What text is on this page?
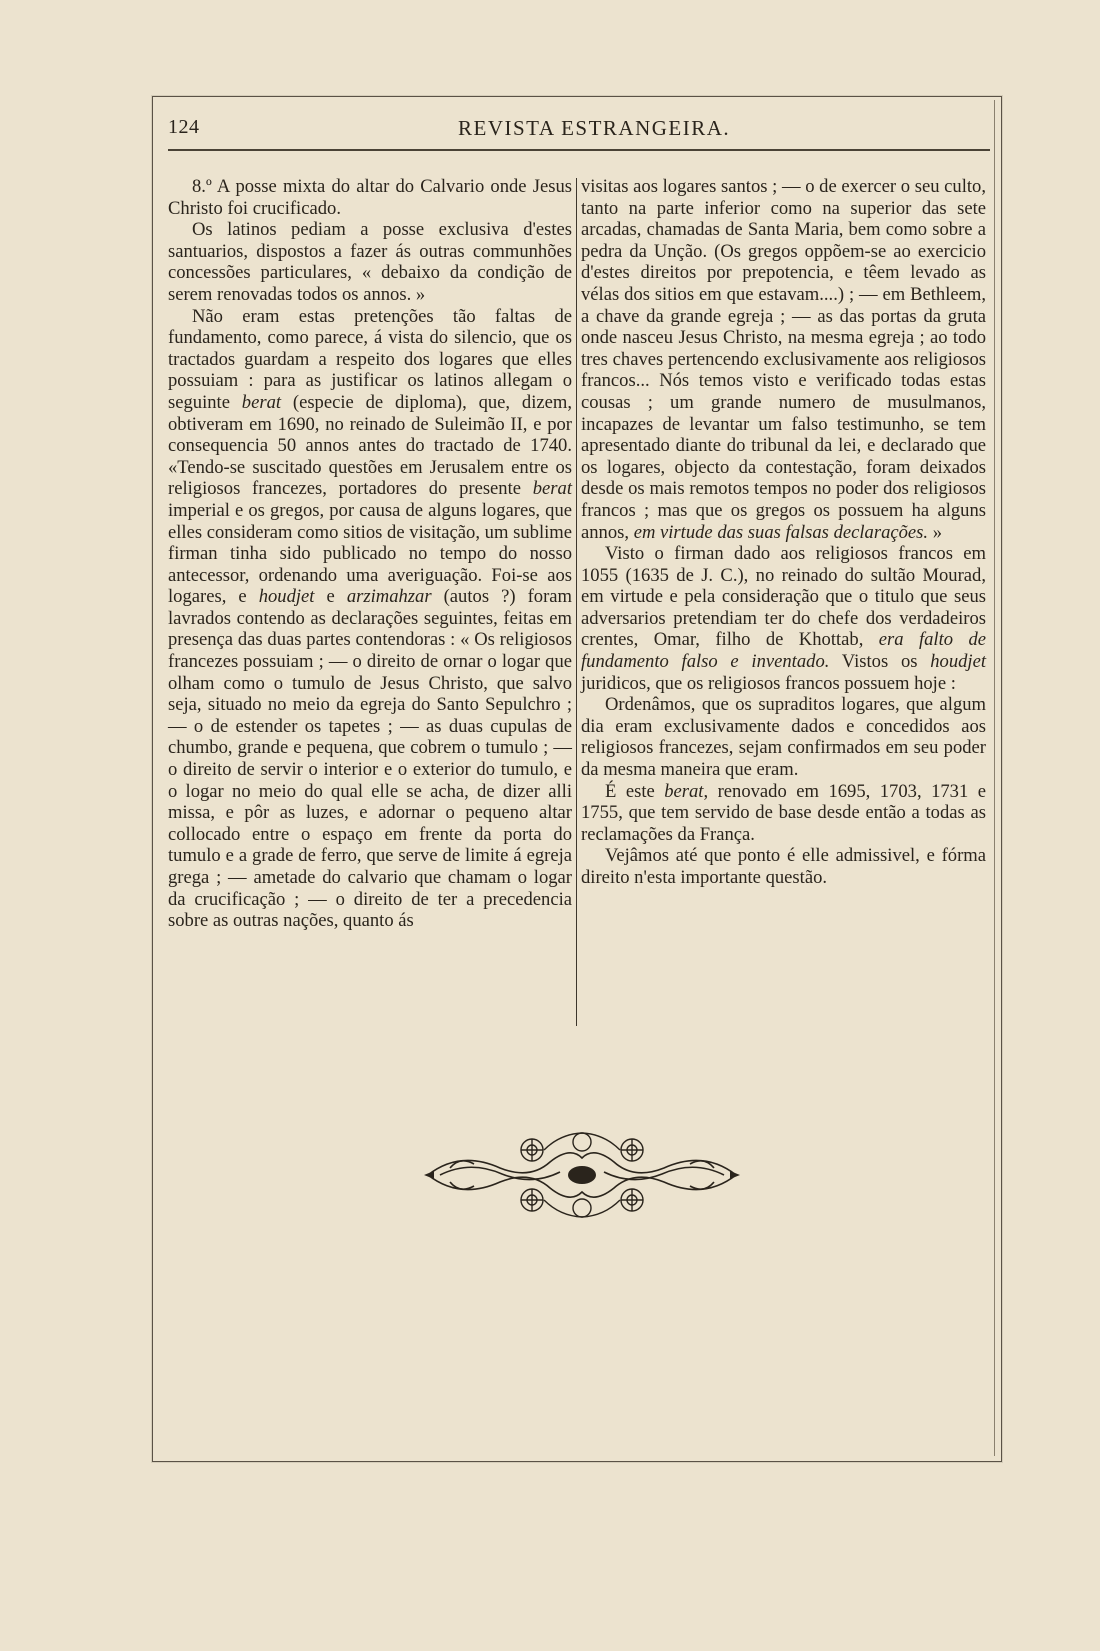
124	REVISTA ESTRANGEIRA.

8.º A posse mixta do altar do Calvario onde Jesus Christo foi crucificado.

Os latinos pediam a posse exclusiva d'estes santuarios, dispostos a fazer ás outras communhões concessões particulares, « debaixo da condição de serem renovadas todos os annos. »

Não eram estas pretenções tão faltas de fundamento, como parece, á vista do silencio, que os tractados guardam a respeito dos logares que elles possuiam : para as justificar os latinos allegam o seguinte berat (especie de diploma), que, dizem, obtiveram em 1690, no reinado de Suleimão II, e por consequencia 50 annos antes do tractado de 1740. «Tendo-se suscitado questões em Jerusalem entre os religiosos francezes, portadores do presente berat imperial e os gregos, por causa de alguns logares, que elles consideram como sitios de visitação, um sublime firman tinha sido publicado no tempo do nosso antecessor, ordenando uma averiguação. Foi-se aos logares, e houdjet e arzimahzar (autos ?) foram lavrados contendo as declarações seguintes, feitas em presença das duas partes contendoras : « Os religiosos francezes possuiam ; — o direito de ornar o logar que olham como o tumulo de Jesus Christo, que salvo seja, situado no meio da egreja do Santo Sepulchro ; — o de estender os tapetes ; — as duas cupulas de chumbo, grande e pequena, que cobrem o tumulo ; — o direito de servir o interior e o exterior do tumulo, e o logar no meio do qual elle se acha, de dizer alli missa, e pôr as luzes, e adornar o pequeno altar collocado entre o espaço em frente da porta do tumulo e a grade de ferro, que serve de limite á egreja grega ; — ametade do calvario que chamam o logar da crucificação ; — o direito de ter a precedencia sobre as outras nações, quanto ás

visitas aos logares santos ; — o de exercer o seu culto, tanto na parte inferior como na superior das sete arcadas, chamadas de Santa Maria, bem como sobre a pedra da Unção. (Os gregos oppõem-se ao exercicio d'estes direitos por prepotencia, e têem levado as vélas dos sitios em que estavam....) ; — em Bethleem, a chave da grande egreja ; — as das portas da gruta onde nasceu Jesus Christo, na mesma egreja ; ao todo tres chaves pertencendo exclusivamente aos religiosos francos... Nós temos visto e verificado todas estas cousas ; um grande numero de musulmanos, incapazes de levantar um falso testimunho, se tem apresentado diante do tribunal da lei, e declarado que os logares, objecto da contestação, foram deixados desde os mais remotos tempos no poder dos religiosos francos ; mas que os gregos os possuem ha alguns annos, em virtude das suas falsas declarações. »

Visto o firman dado aos religiosos francos em 1055 (1635 de J. C.), no reinado do sultão Mourad, em virtude e pela consideração que o titulo que seus adversarios pretendiam ter do chefe dos verdadeiros crentes, Omar, filho de Khottab, era falto de fundamento falso e inventado. Vistos os houdjet juridicos, que os religiosos francos possuem hoje :

Ordenâmos, que os supraditos logares, que algum dia eram exclusivamente dados e concedidos aos religiosos francezes, sejam confirmados em seu poder da mesma maneira que eram.

É este berat, renovado em 1695, 1703, 1731 e 1755, que tem servido de base desde então a todas as reclamações da França.

Vejâmos até que ponto é elle admissivel, e fórma direito n'esta importante questão.
